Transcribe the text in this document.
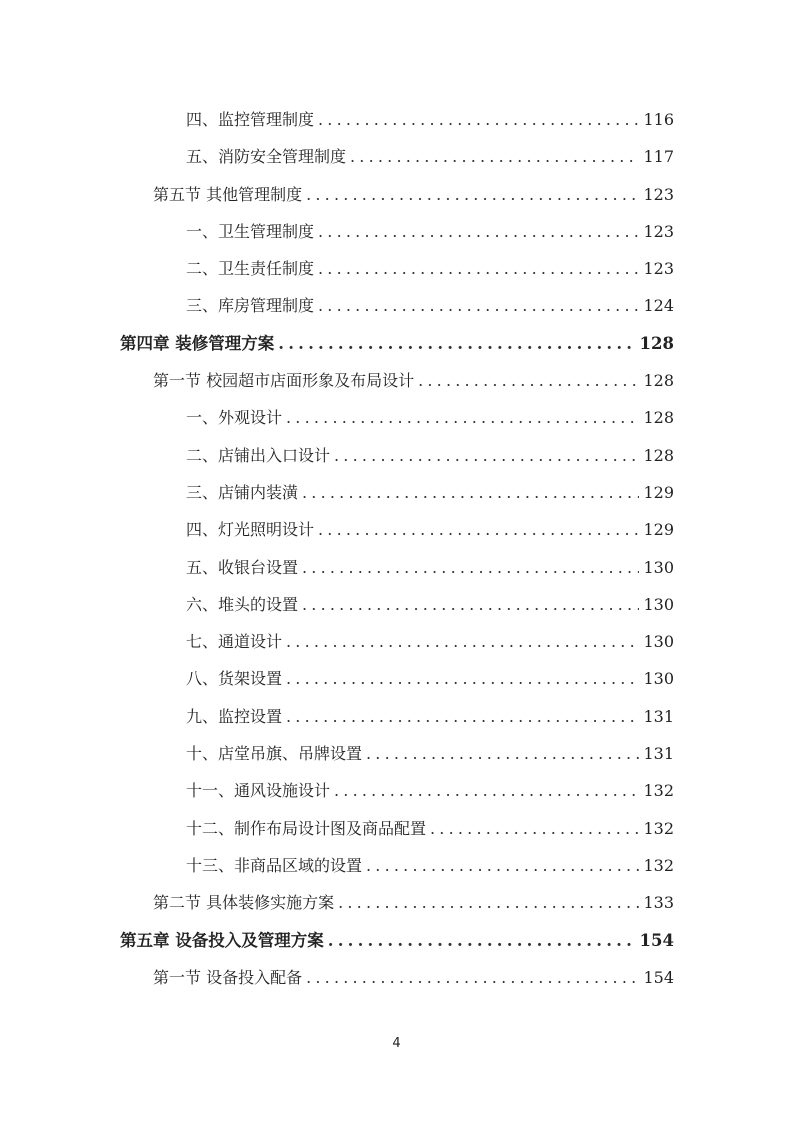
四、监控管理制度 .....	116
五、消防安全管理制度 .....	117
第五节 其他管理制度 .....	123
一、卫生管理制度 .....	123
二、卫生责任制度 .....	123
三、库房管理制度 .....	124
第四章 装修管理方案 .....	128
第一节 校园超市店面形象及布局设计 .....	128
一、外观设计 .....	128
二、店铺出入口设计 .....	128
三、店铺内装潢 .....	129
四、灯光照明设计 .....	129
五、收银台设置 .....	130
六、堆头的设置 .....	130
七、通道设计 .....	130
八、货架设置 .....	130
九、监控设置 .....	131
十、店堂吊旗、吊牌设置 .....	131
十一、通风设施设计 .....	132
十二、制作布局设计图及商品配置 .....	132
十三、非商品区域的设置 .....	132
第二节 具体装修实施方案 .....	133
第五章 设备投入及管理方案 .....	154
第一节 设备投入配备 .....	154
4
